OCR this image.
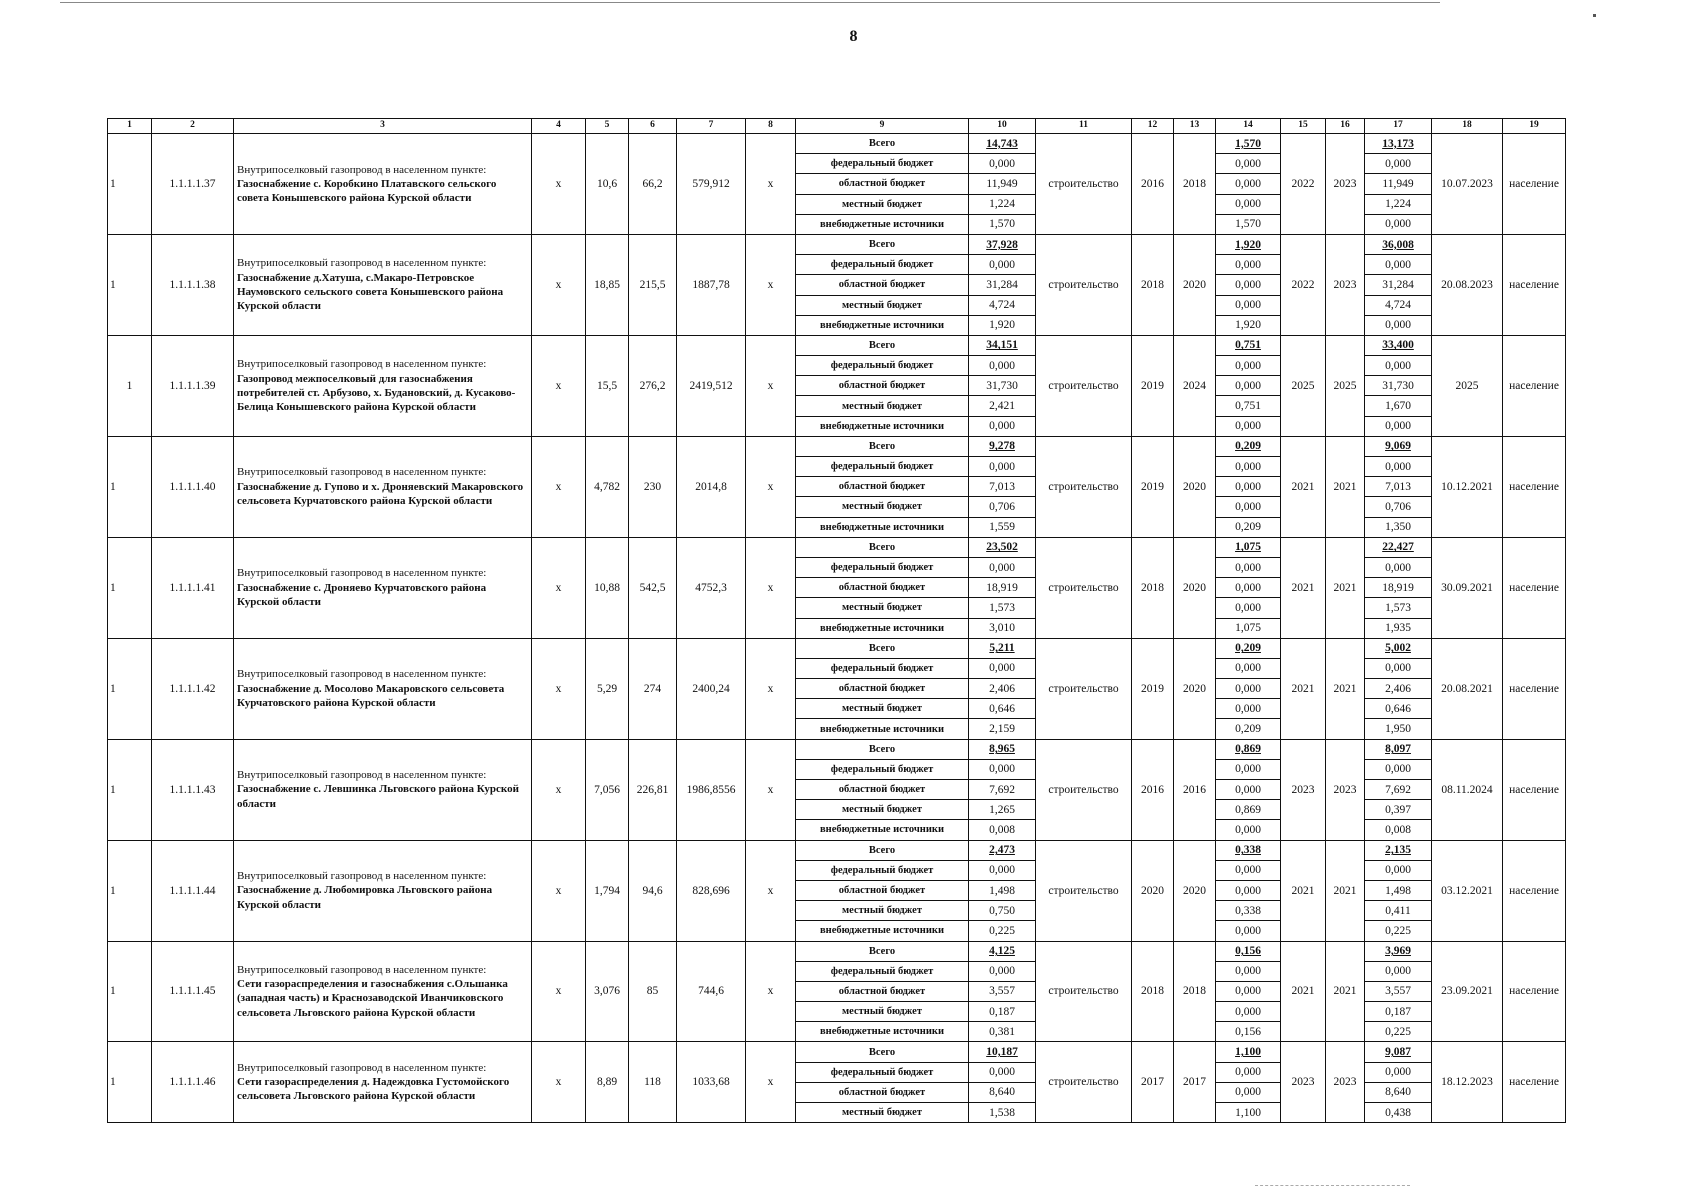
8
1	2	3	4	5	6	7	8	9	10	11	12	13	14	15	16	17	18	19
1	1.1.1.1.37	Внутрипоселковый газопровод в населенном пункте:
Газоснабжение с. Коробкино Платавского сельского совета Конышевского района Курской области	x	10,6	66,2	579,912	x	Всего	14,743	строительство	2016	2018	1,570	2022	2023	13,173	10.07.2023	население
								федеральный бюджет	0,000				0,000			0,000		
								областной бюджет	11,949				0,000			11,949		
								местный бюджет	1,224				0,000			1,224		
								внебюджетные источники	1,570				1,570			0,000		
1	1.1.1.1.38	Внутрипоселковый газопровод в населенном пункте:
Газоснабжение д.Хатуша, с.Макаро-Петровское Наумовского сельского совета Конышевского района Курской области	x	18,85	215,5	1887,78	x	Всего	37,928	строительство	2018	2020	1,920	2022	2023	36,008	20.08.2023	население
								федеральный бюджет	0,000				0,000			0,000		
								областной бюджет	31,284				0,000			31,284		
								местный бюджет	4,724				0,000			4,724		
								внебюджетные источники	1,920				1,920			0,000		
1	1.1.1.1.39	Внутрипоселковый газопровод в населенном пункте:
Газопровод межпоселковый для газоснабжения потребителей ст. Арбузово, х. Будановский, д. Кусаково-Белица Конышевского района Курской области	x	15,5	276,2	2419,512	x	Всего	34,151	строительство	2019	2024	0,751	2025	2025	33,400	2025	население
								федеральный бюджет	0,000				0,000			0,000		
								областной бюджет	31,730				0,000			31,730		
								местный бюджет	2,421				0,751			1,670		
								внебюджетные источники	0,000				0,000			0,000		
1	1.1.1.1.40	Внутрипоселковый газопровод в населенном пункте:
Газоснабжение д. Гупово и х. Дроняевский Макаровского сельсовета Курчатовского района Курской области	x	4,782	230	2014,8	x	Всего	9,278	строительство	2019	2020	0,209	2021	2021	9,069	10.12.2021	население
								федеральный бюджет	0,000				0,000			0,000		
								областной бюджет	7,013				0,000			7,013		
								местный бюджет	0,706				0,000			0,706		
								внебюджетные источники	1,559				0,209			1,350		
1	1.1.1.1.41	Внутрипоселковый газопровод в населенном пункте:
Газоснабжение с. Дроняево Курчатовского района Курской области	x	10,88	542,5	4752,3	x	Всего	23,502	строительство	2018	2020	1,075	2021	2021	22,427	30.09.2021	население
								федеральный бюджет	0,000				0,000			0,000		
								областной бюджет	18,919				0,000			18,919		
								местный бюджет	1,573				0,000			1,573		
								внебюджетные источники	3,010				1,075			1,935		
1	1.1.1.1.42	Внутрипоселковый газопровод в населенном пункте:
Газоснабжение д. Мосолово Макаровского сельсовета Курчатовского района Курской области	x	5,29	274	2400,24	x	Всего	5,211	строительство	2019	2020	0,209	2021	2021	5,002	20.08.2021	население
								федеральный бюджет	0,000				0,000			0,000		
								областной бюджет	2,406				0,000			2,406		
								местный бюджет	0,646				0,000			0,646		
								внебюджетные источники	2,159				0,209			1,950		
1	1.1.1.1.43	Внутрипоселковый газопровод в населенном пункте:
Газоснабжение с. Левшинка Льговского района Курской области	x	7,056	226,81	1986,8556	x	Всего	8,965	строительство	2016	2016	0,869	2023	2023	8,097	08.11.2024	население
								федеральный бюджет	0,000				0,000			0,000		
								областной бюджет	7,692				0,000			7,692		
								местный бюджет	1,265				0,869			0,397		
								внебюджетные источники	0,008				0,000			0,008		
1	1.1.1.1.44	Внутрипоселковый газопровод в населенном пункте:
Газоснабжение д. Любомировка Льговского района Курской области	x	1,794	94,6	828,696	x	Всего	2,473	строительство	2020	2020	0,338	2021	2021	2,135	03.12.2021	население
								федеральный бюджет	0,000				0,000			0,000		
								областной бюджет	1,498				0,000			1,498		
								местный бюджет	0,750				0,338			0,411		
								внебюджетные источники	0,225				0,000			0,225		
1	1.1.1.1.45	Внутрипоселковый газопровод в населенном пункте:
Сети газораспределения и газоснабжения с.Ольшанка (западная часть) и Краснозаводской Иванчиковского сельсовета Льговского района Курской области	x	3,076	85	744,6	x	Всего	4,125	строительство	2018	2018	0,156	2021	2021	3,969	23.09.2021	население
								федеральный бюджет	0,000				0,000			0,000		
								областной бюджет	3,557				0,000			3,557		
								местный бюджет	0,187				0,000			0,187		
								внебюджетные источники	0,381				0,156			0,225		
1	1.1.1.1.46	Внутрипоселковый газопровод в населенном пункте:
Сети газораспределения д. Надеждовка Густомойского сельсовета Льговского района Курской области	x	8,89	118	1033,68	x	Всего	10,187	строительство	2017	2017	1,100	2023	2023	9,087	18.12.2023	население
								федеральный бюджет	0,000				0,000			0,000		
								областной бюджет	8,640				0,000			8,640		
								местный бюджет	1,538				1,100			0,438		
